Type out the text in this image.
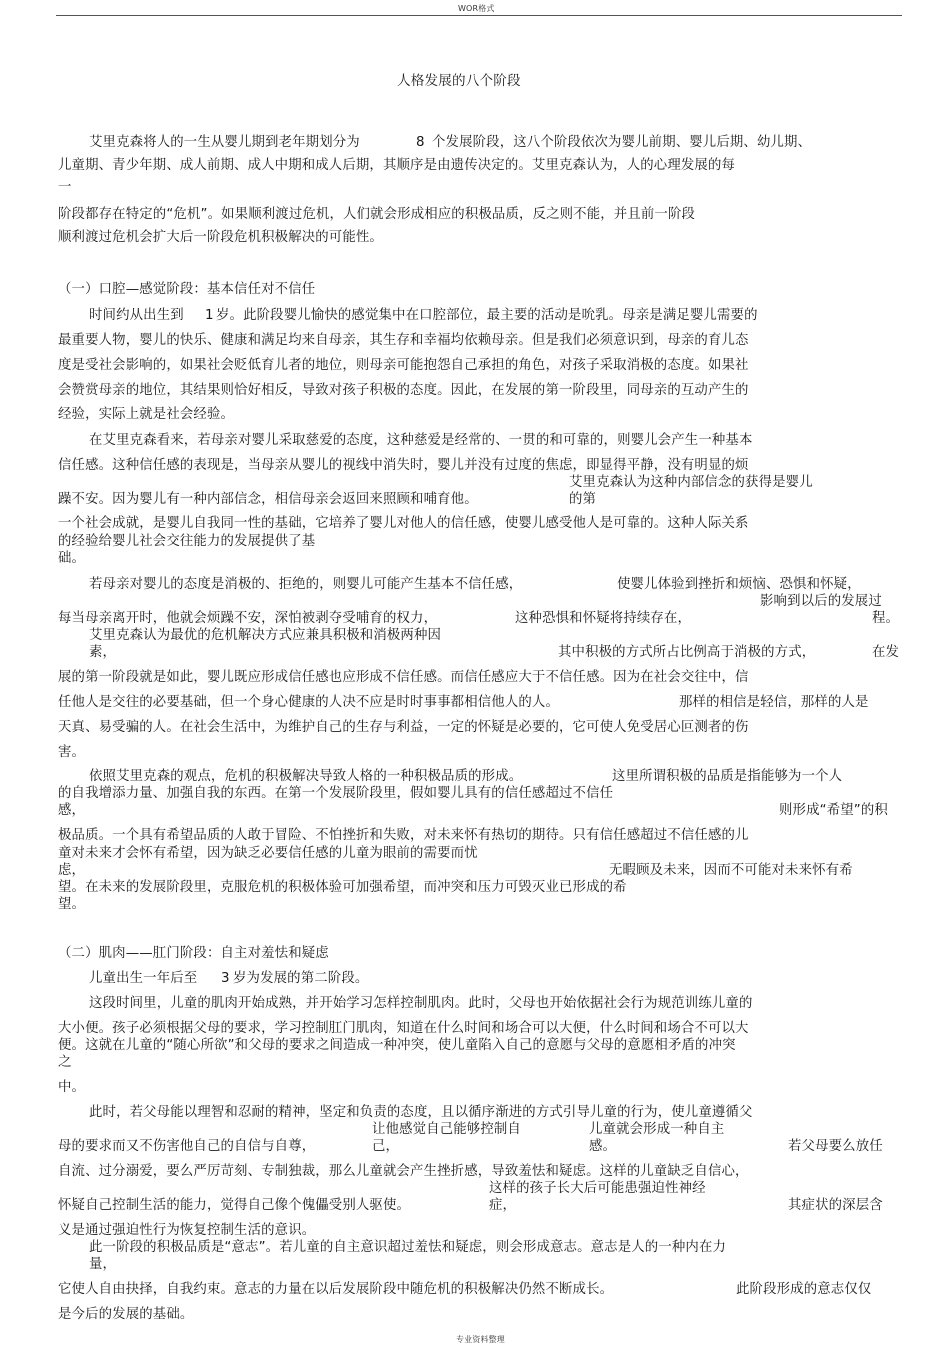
WOR格式
人格发展的八个阶段
专业资料整理
艾里克森将人的一生从婴儿期到老年期划分为	8 个发展阶段，这八个阶段依次为婴儿前期、婴儿后期、幼儿期、
儿童期、青少年期、成人前期、成人中期和成人后期，其顺序是由遗传决定的。艾里克森认为，人的心理发展的每
一
阶段都存在特定的“危机”。如果顺利渡过危机，人们就会形成相应的积极品质，反之则不能，并且前一阶段
顺利渡过危机会扩大后一阶段危机积极解决的可能性。
（一）口腔—感觉阶段：基本信任对不信任
时间约从出生到 1 岁。此阶段婴儿愉快的感觉集中在口腔部位，最主要的活动是吮乳。母亲是满足婴儿需要的
最重要人物，婴儿的快乐、健康和满足均来自母亲，其生存和幸福均依赖母亲。但是我们必须意识到，母亲的育儿态
度是受社会影响的，如果社会贬低育儿者的地位，则母亲可能抱怨自己承担的角色，对孩子采取消极的态度。如果社
会赞赏母亲的地位，其结果则恰好相反，导致对孩子积极的态度。因此，在发展的第一阶段里，同母亲的互动产生的
经验，实际上就是社会经验。
在艾里克森看来，若母亲对婴儿采取慈爱的态度，这种慈爱是经常的、一贯的和可靠的，则婴儿会产生一种基本
信任感。这种信任感的表现是，当母亲从婴儿的视线中消失时，婴儿并没有过度的焦虑，即显得平静，没有明显的烦
艾里克森认为这种内部信念的获得是婴儿
躁不安。因为婴儿有一种内部信念，相信母亲会返回来照顾和哺育他。	的第
一个社会成就，是婴儿自我同一性的基础，它培养了婴儿对他人的信任感，使婴儿感受他人是可靠的。这种人际关系
的经验给婴儿社会交往能力的发展提供了基
础。
若母亲对婴儿的态度是消极的、拒绝的，则婴儿可能产生基本不信任感，	使婴儿体验到挫折和烦恼、恐惧和怀疑，
影响到以后的发展过
每当母亲离开时，他就会烦躁不安，深怕被剥夺受哺育的权力，	这种恐惧和怀疑将持续存在，	程。
艾里克森认为最优的危机解决方式应兼具积极和消极两种因
素，	其中积极的方式所占比例高于消极的方式，	在发
展的第一阶段就是如此，婴儿既应形成信任感也应形成不信任感。而信任感应大于不信任感。因为在社会交往中，信
任他人是交往的必要基础，但一个身心健康的人决不应是时时事事都相信他人的人。	那样的相信是轻信，那样的人是
天真、易受骗的人。在社会生活中，为维护自己的生存与利益，一定的怀疑是必要的，它可使人免受居心叵测者的伤
害。
依照艾里克森的观点，危机的积极解决导致人格的一种积极品质的形成。	这里所谓积极的品质是指能够为一个人
的自我增添力量、加强自我的东西。在第一个发展阶段里，假如婴儿具有的信任感超过不信任
感，	则形成“希望”的积
极品质。一个具有希望品质的人敢于冒险、不怕挫折和失败，对未来怀有热切的期待。只有信任感超过不信任感的儿
童对未来才会怀有希望，因为缺乏必要信任感的儿童为眼前的需要而忧
虑，	无暇顾及未来，因而不可能对未来怀有希
望。在未来的发展阶段里，克服危机的积极体验可加强希望，而冲突和压力可毁灭业已形成的希
望。
（二）肌肉——肛门阶段：自主对羞怯和疑虑
儿童出生一年后至 3 岁为发展的第二阶段。
这段时间里，儿童的肌肉开始成熟，并开始学习怎样控制肌肉。此时，父母也开始依据社会行为规范训练儿童的
大小便。孩子必须根据父母的要求，学习控制肛门肌肉，知道在什么时间和场合可以大便，什么时间和场合不可以大
便。这就在儿童的“随心所欲”和父母的要求之间造成一种冲突，使儿童陷入自己的意愿与父母的意愿相矛盾的冲突
之
中。
此时，若父母能以理智和忍耐的精神，坚定和负责的态度，且以循序渐进的方式引导儿童的行为，使儿童遵循父
让他感觉自己能够控制自	儿童就会形成一种自主
母的要求而又不伤害他自己的自信与自尊，	己，	感。	若父母要么放任
自流、过分溺爱，要么严厉苛刻、专制独裁，那么儿童就会产生挫折感，导致羞怯和疑虑。这样的儿童缺乏自信心，
这样的孩子长大后可能患强迫性神经
怀疑自己控制生活的能力，觉得自己像个傀儡受别人驱使。	症，	其症状的深层含
义是通过强迫性行为恢复控制生活的意识。
此一阶段的积极品质是“意志”。若儿童的自主意识超过羞怯和疑虑，则会形成意志。意志是人的一种内在力
量，
它使人自由抉择，自我约束。意志的力量在以后发展阶段中随危机的积极解决仍然不断成长。	此阶段形成的意志仅仅
是今后的发展的基础。
